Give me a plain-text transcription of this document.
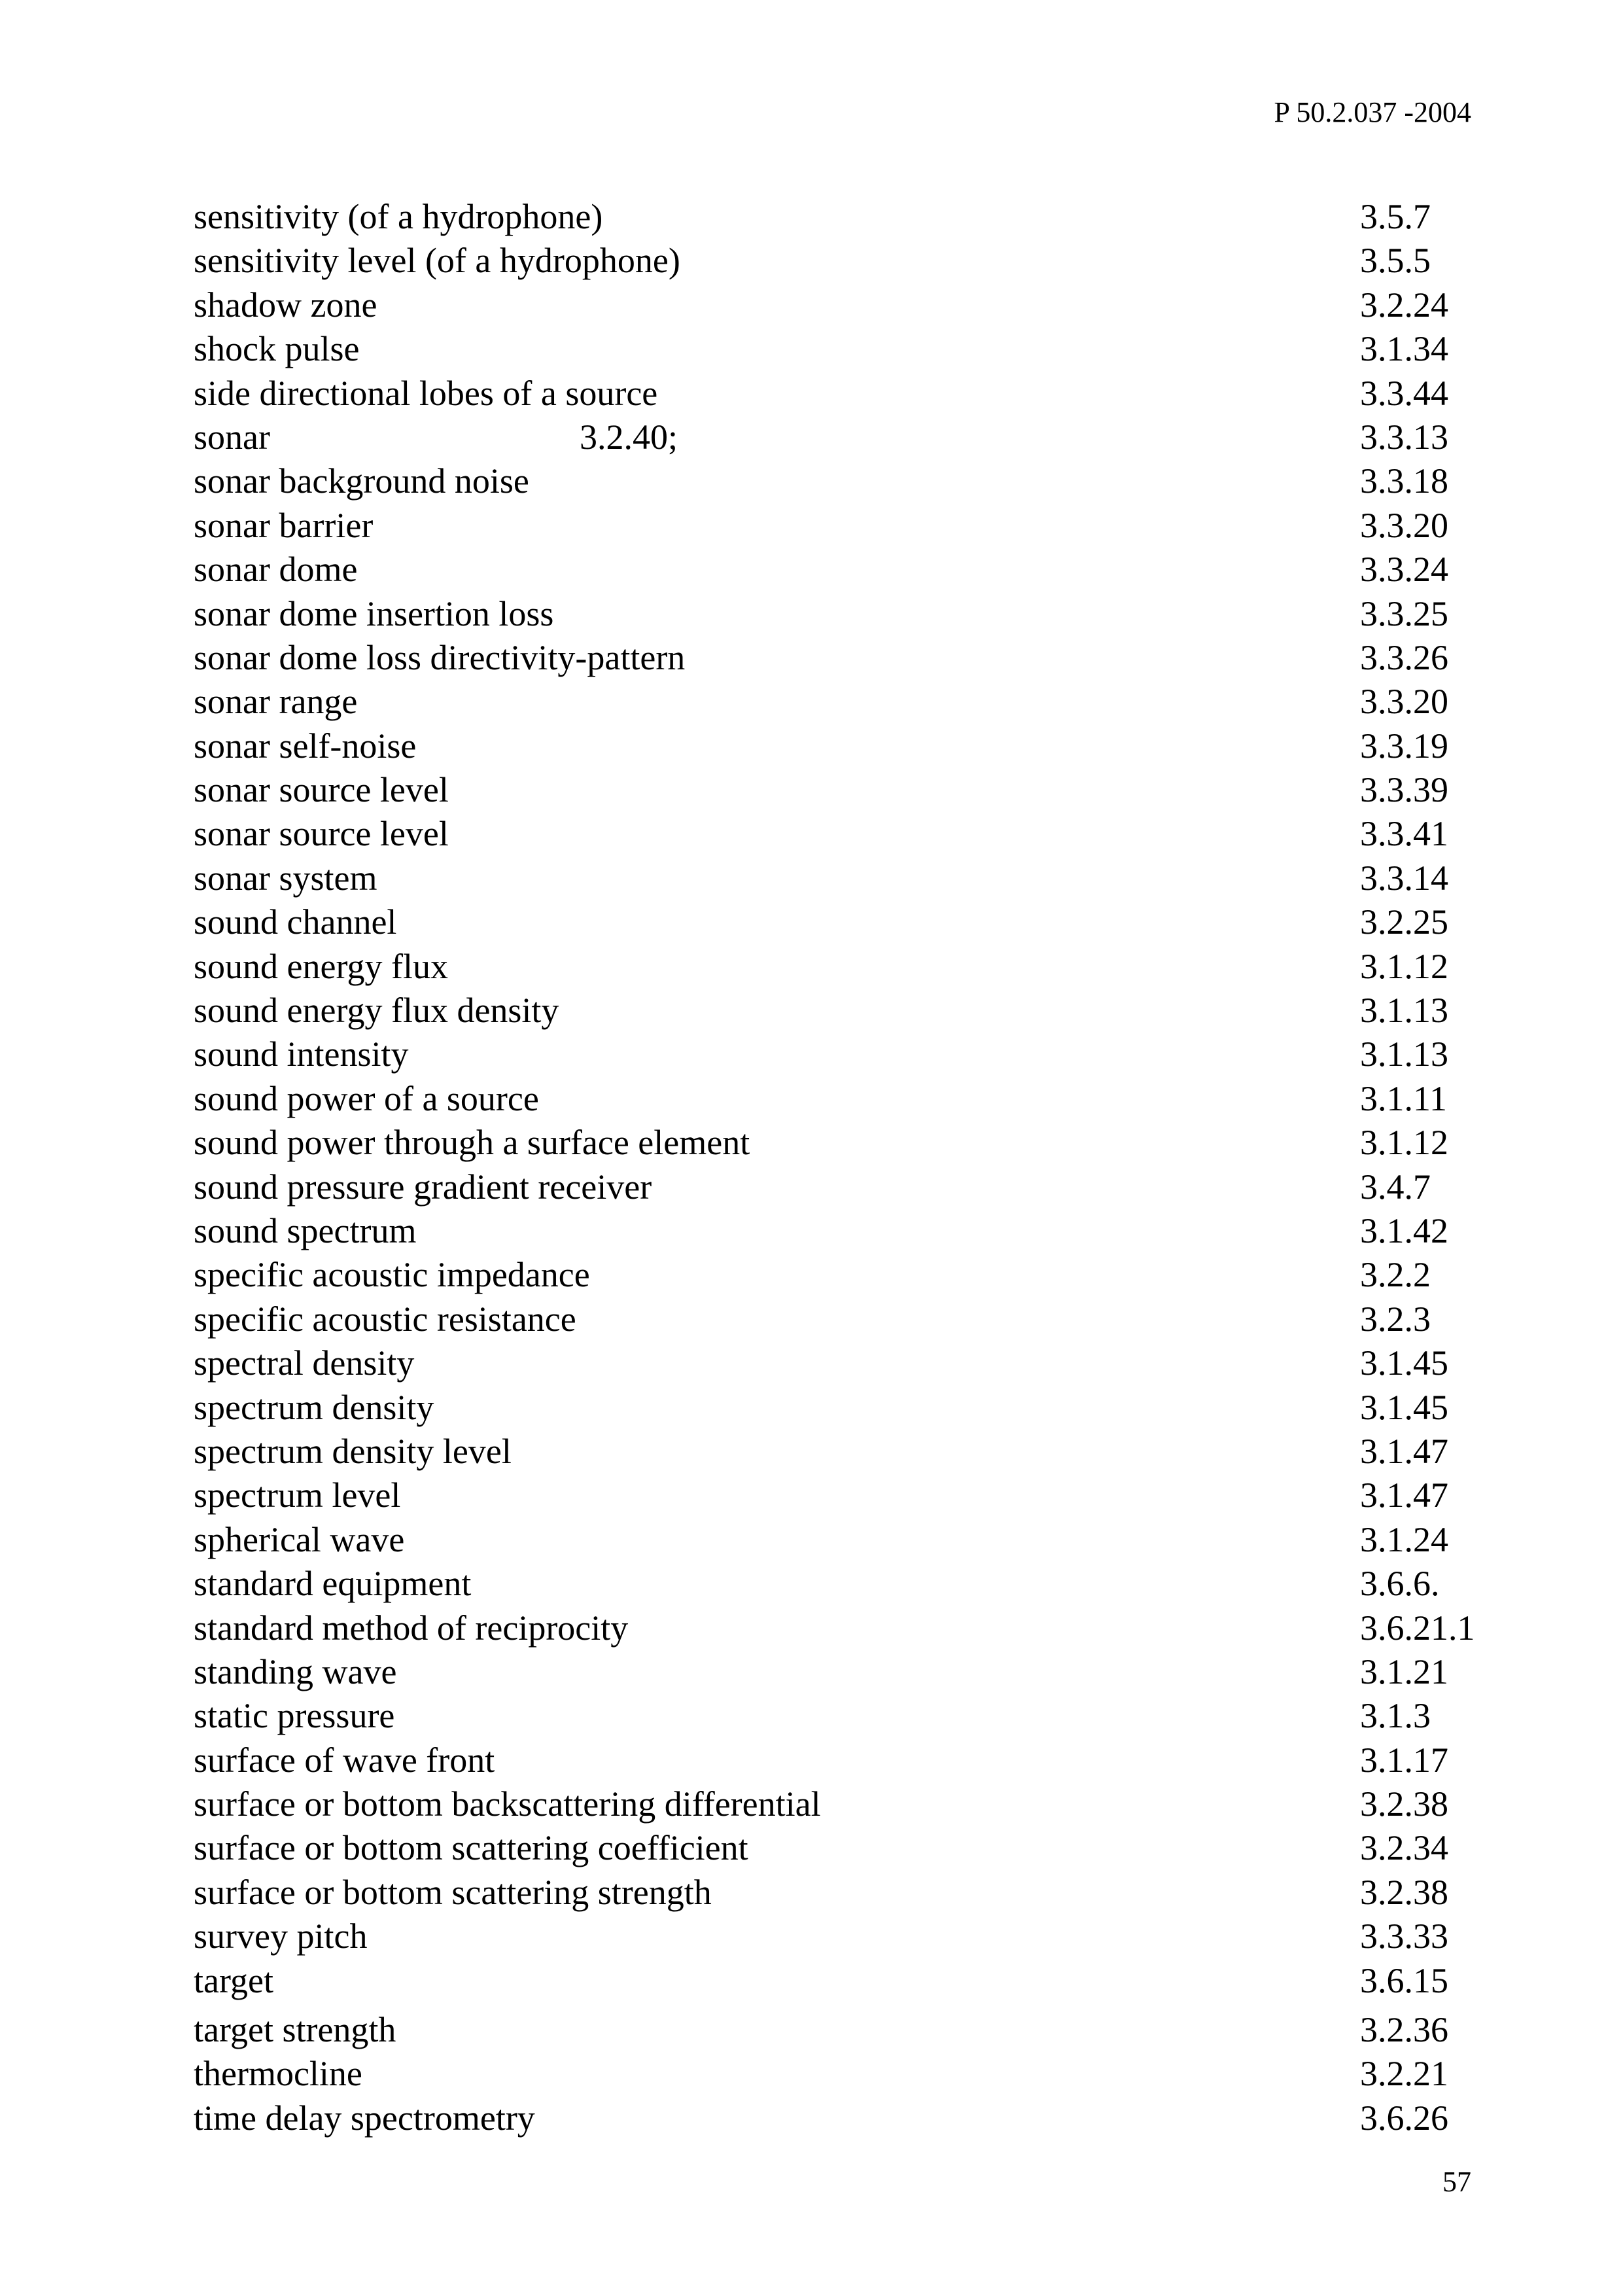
P 50.2.037 -2004
sensitivity (of a hydrophone)	3.5.7
sensitivity level (of a hydrophone)	3.5.5
shadow zone	3.2.24
shock pulse	3.1.34
side directional lobes of a source	3.3.44
sonar	3.2.40;	3.3.13
sonar background noise	3.3.18
sonar barrier	3.3.20
sonar dome	3.3.24
sonar dome insertion loss	3.3.25
sonar dome loss directivity-pattern	3.3.26
sonar range	3.3.20
sonar self-noise	3.3.19
sonar source level	3.3.39
sonar source level	3.3.41
sonar system	3.3.14
sound channel	3.2.25
sound energy flux	3.1.12
sound energy flux density	3.1.13
sound intensity	3.1.13
sound power of a source	3.1.11
sound power through a surface element	3.1.12
sound pressure gradient receiver	3.4.7
sound spectrum	3.1.42
specific acoustic impedance	3.2.2
specific acoustic resistance	3.2.3
spectral density	3.1.45
spectrum density	3.1.45
spectrum density level	3.1.47
spectrum level	3.1.47
spherical wave	3.1.24
standard equipment	3.6.6.
standard method of reciprocity	3.6.21.1
standing wave	3.1.21
static pressure	3.1.3
surface of wave front	3.1.17
surface or bottom backscattering differential	3.2.38
surface or bottom scattering coefficient	3.2.34
surface or bottom scattering strength	3.2.38
survey pitch	3.3.33
target	3.6.15
target strength	3.2.36
thermocline	3.2.21
time delay spectrometry	3.6.26
57
